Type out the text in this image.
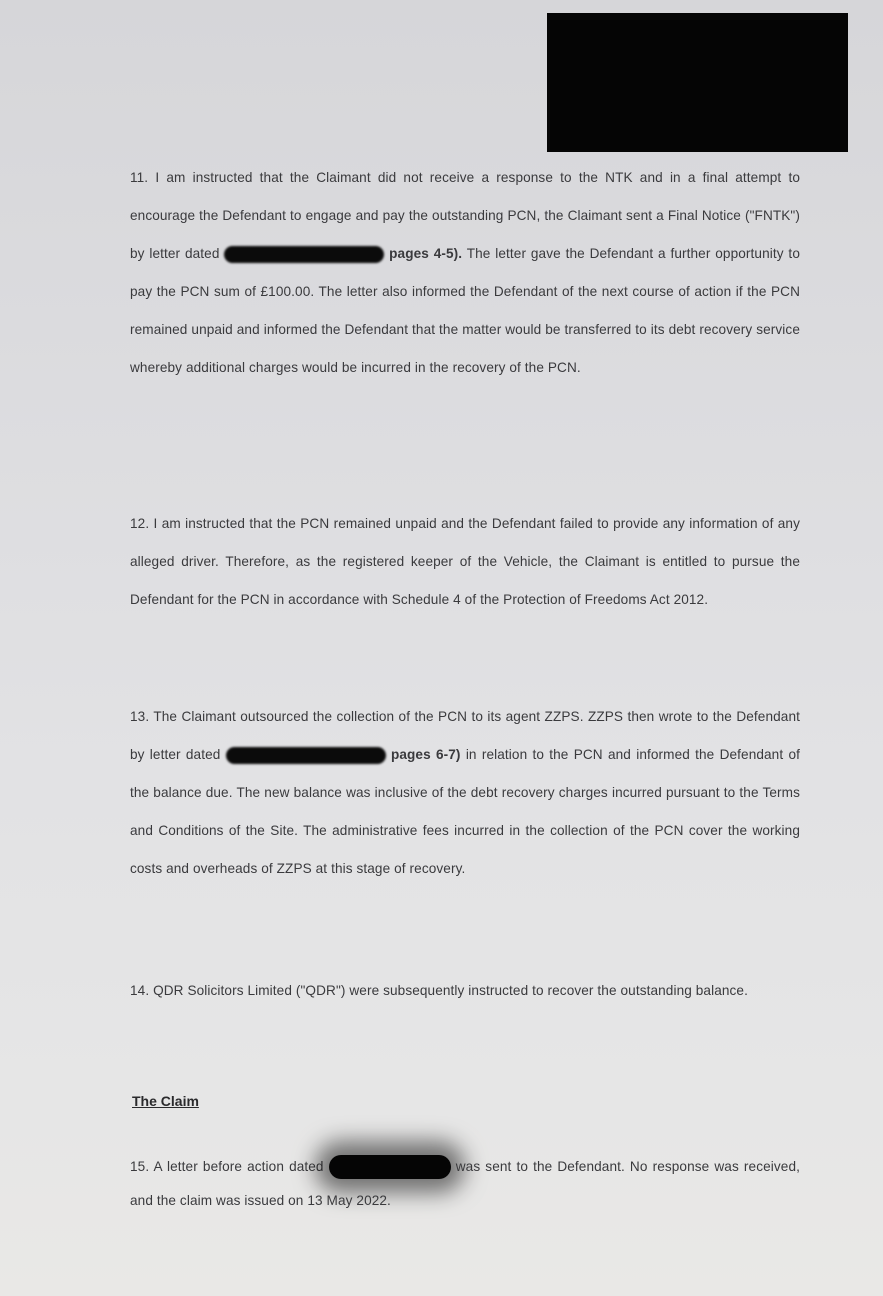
11. I am instructed that the Claimant did not receive a response to the NTK and in a final attempt to encourage the Defendant to engage and pay the outstanding PCN, the Claimant sent a Final Notice ("FNTK") by letter dated	pages 4-5). The letter gave the Defendant a further opportunity to pay the PCN sum of £100.00. The letter also informed the Defendant of the next course of action if the PCN remained unpaid and informed the Defendant that the matter would be transferred to its debt recovery service whereby additional charges would be incurred in the recovery of the PCN.
12. I am instructed that the PCN remained unpaid and the Defendant failed to provide any information of any alleged driver. Therefore, as the registered keeper of the Vehicle, the Claimant is entitled to pursue the Defendant for the PCN in accordance with Schedule 4 of the Protection of Freedoms Act 2012.
13. The Claimant outsourced the collection of the PCN to its agent ZZPS. ZZPS then wrote to the Defendant by letter dated	pages 6-7) in relation to the PCN and informed the Defendant of the balance due. The new balance was inclusive of the debt recovery charges incurred pursuant to the Terms and Conditions of the Site. The administrative fees incurred in the collection of the PCN cover the working costs and overheads of ZZPS at this stage of recovery.
14. QDR Solicitors Limited ("QDR") were subsequently instructed to recover the outstanding balance.
The Claim
15. A letter before action dated	was sent to the Defendant. No response was received, and the claim was issued on 13 May 2022.
